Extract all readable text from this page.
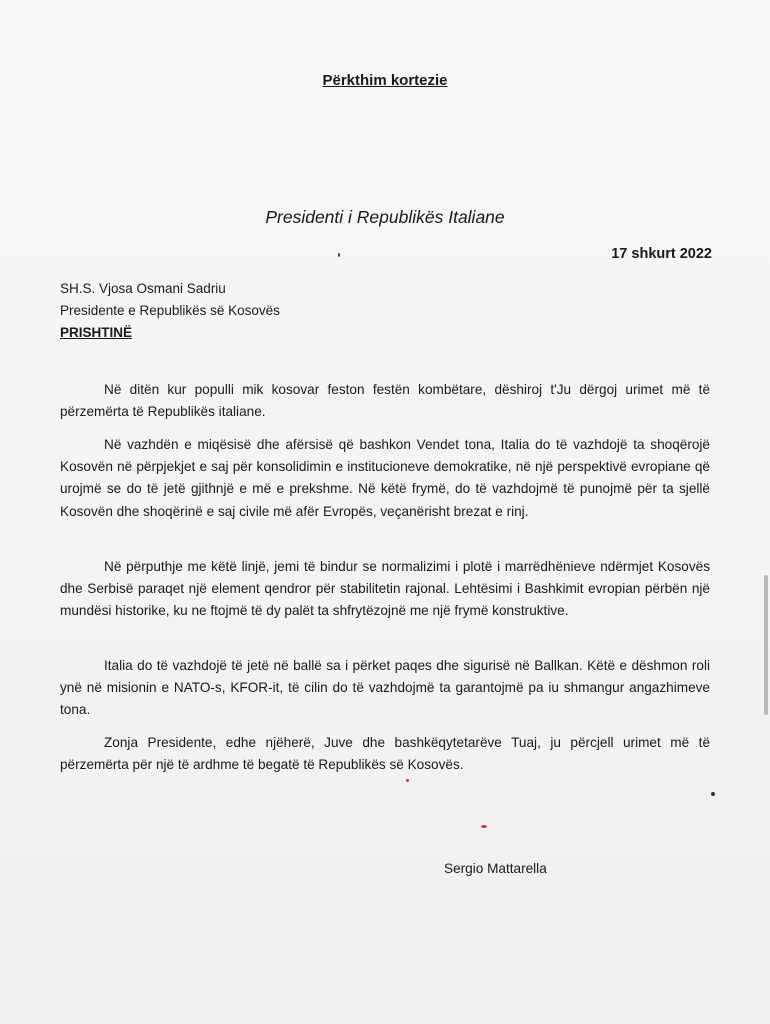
Përkthim kortezie
Presidenti i Republikës Italiane
17 shkurt 2022
SH.S. Vjosa Osmani Sadriu
Presidente e Republikës së Kosovës
PRISHTINË

Në ditën kur populli mik kosovar feston festën kombëtare, dëshiroj t'Ju dërgoj urimet më të përzemërta të Republikës italiane.

Në vazhdën e miqësisë dhe afërsisë që bashkon Vendet tona, Italia do të vazhdojë ta shoqërojë Kosovën në përpjekjet e saj për konsolidimin e institucioneve demokratike, në një perspektivë evropiane që urojmë se do të jetë gjithnjë e më e prekshme. Në këtë frymë, do të vazhdojmë të punojmë për ta sjellë Kosovën dhe shoqërinë e saj civile më afër Evropës, veçanërisht brezat e rinj.

Në përputhje me këtë linjë, jemi të bindur se normalizimi i plotë i marrëdhënieve ndërmjet Kosovës dhe Serbisë paraqet një element qendror për stabilitetin rajonal. Lehtësimi i Bashkimit evropian përbën një mundësi historike, ku ne ftojmë të dy palët ta shfrytëzojnë me një frymë konstruktive.

Italia do të vazhdojë të jetë në ballë sa i përket paqes dhe sigurisë në Ballkan. Këtë e dëshmon roli ynë në misionin e NATO-s, KFOR-it, të cilin do të vazhdojmë ta garantojmë pa iu shmangur angazhimeve tona.

Zonja Presidente, edhe njëherë, Juve dhe bashkëqytetarëve Tuaj, ju përcjell urimet më të përzemërta për një të ardhme të begatë të Republikës së Kosovës.

Sergio Mattarella
